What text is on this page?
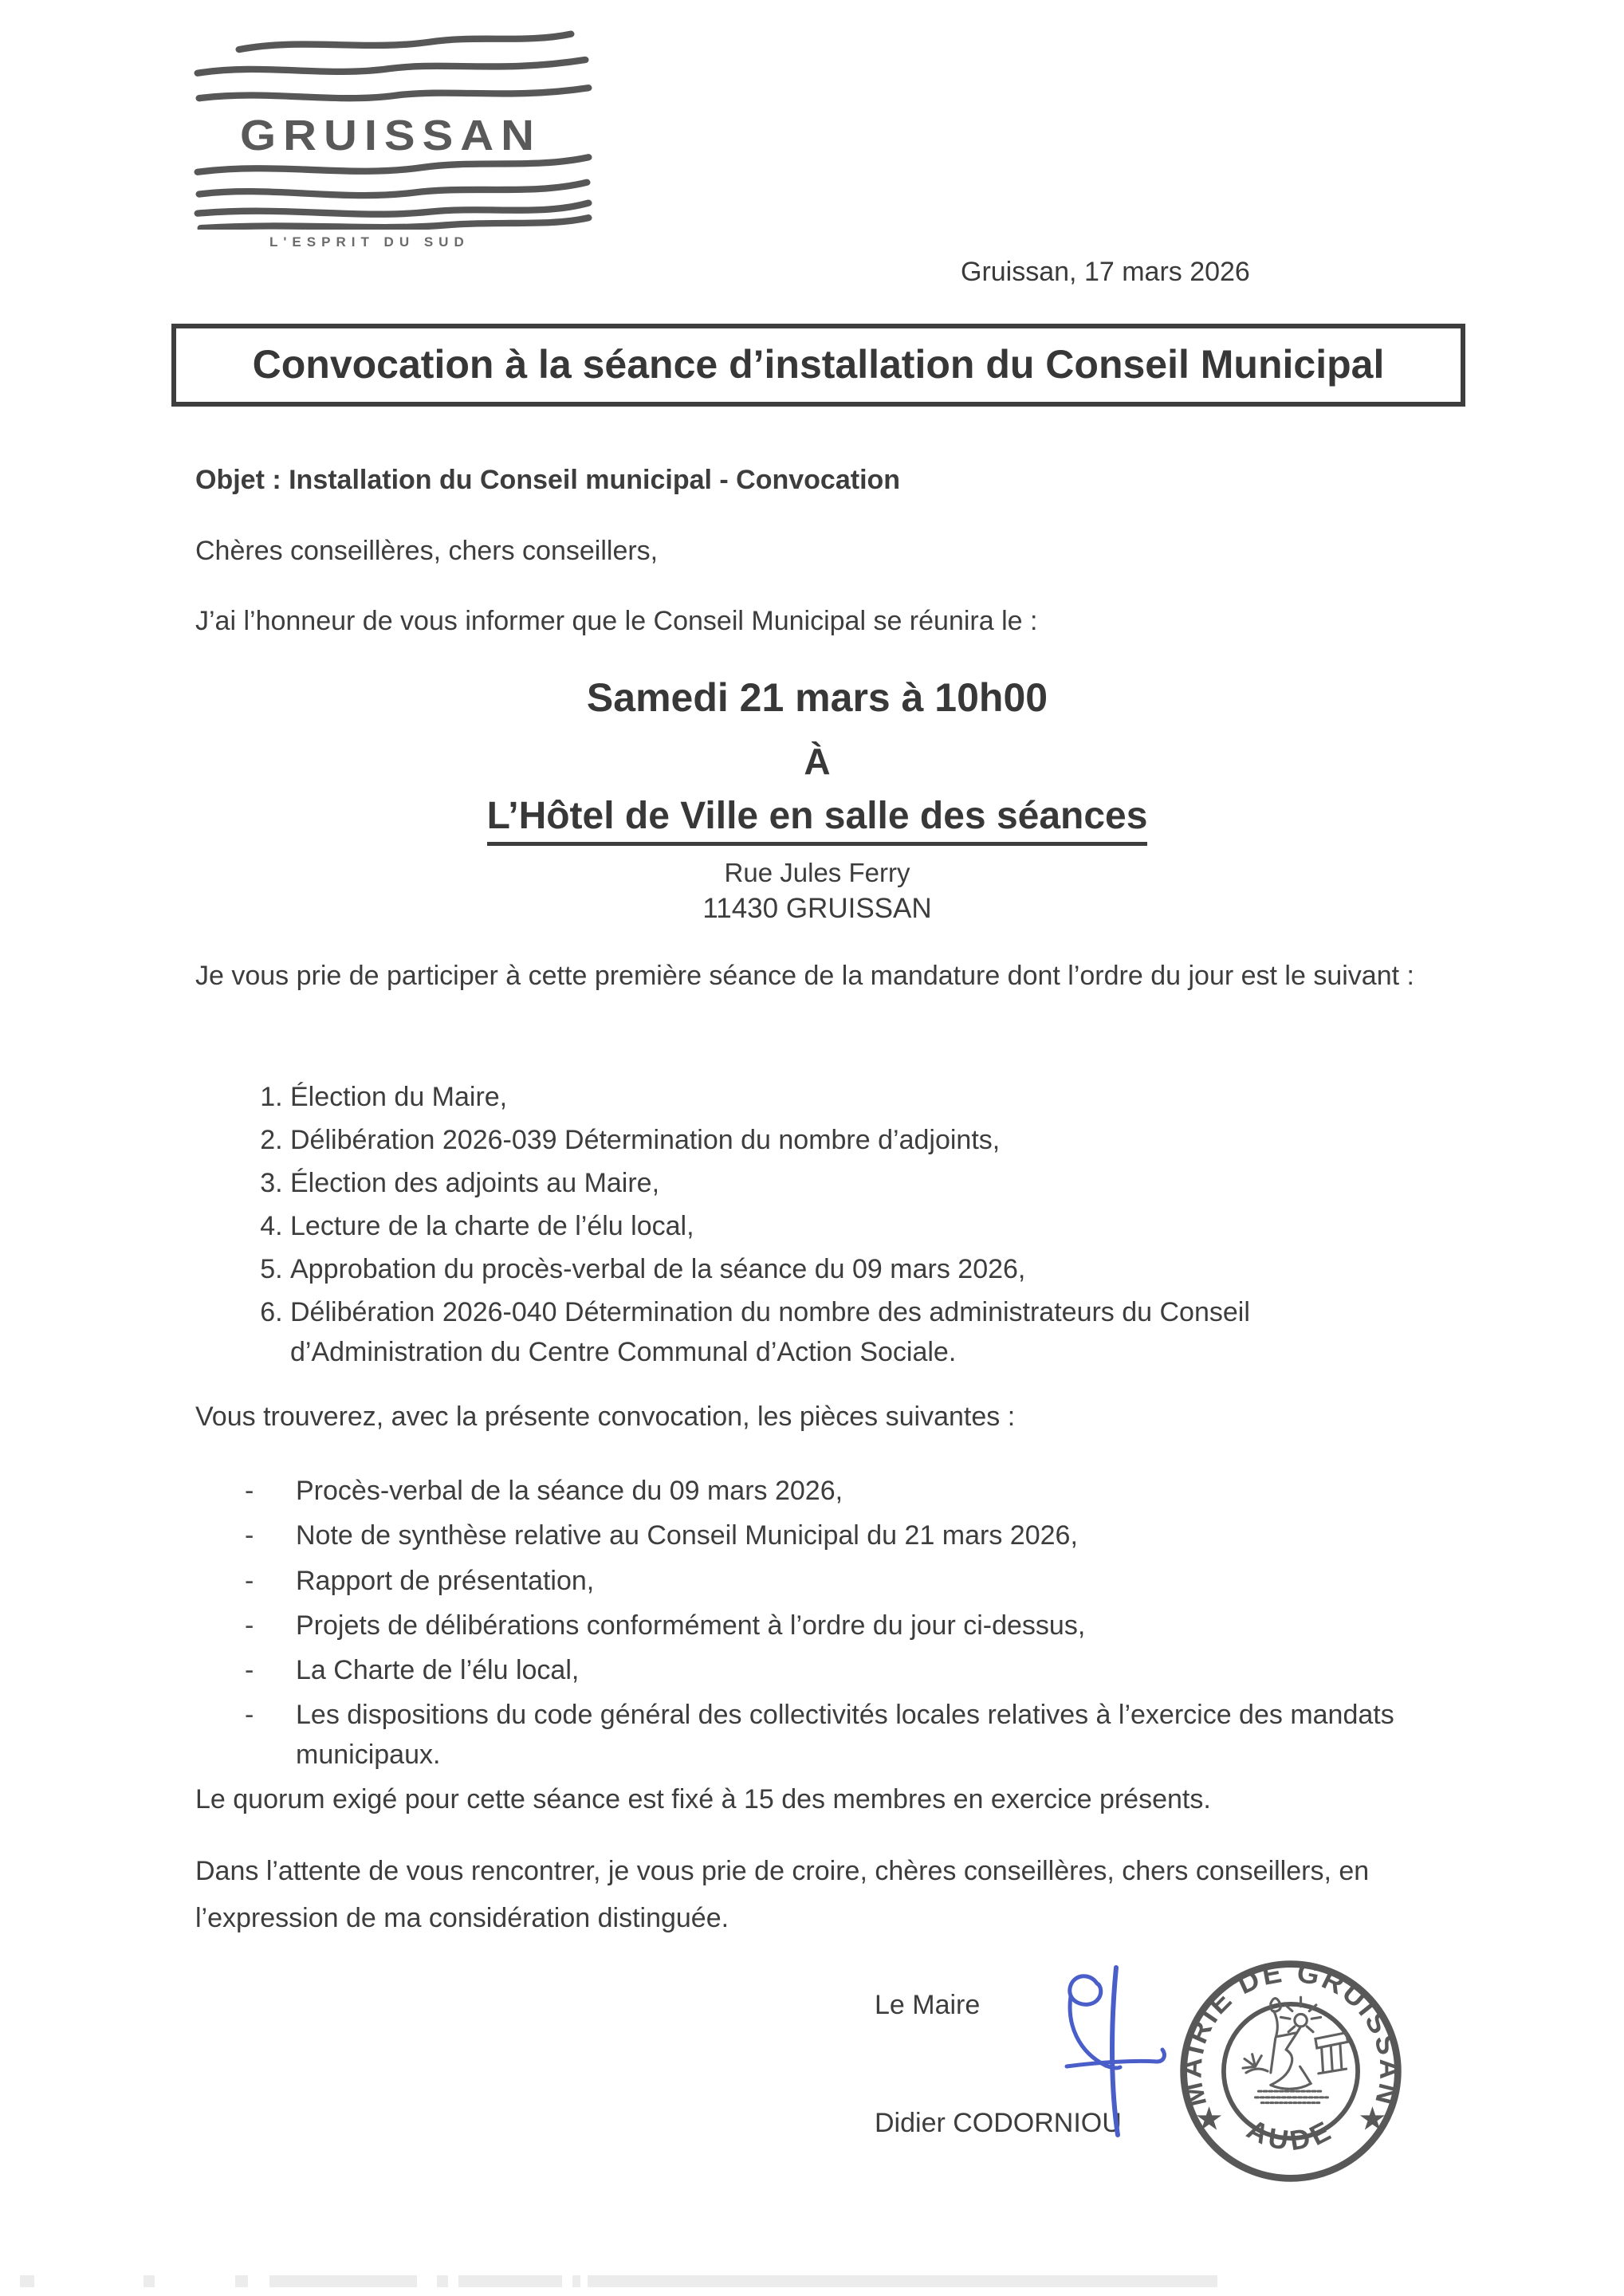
GRUISSAN
L'ESPRIT DU SUD
Gruissan, 17 mars 2026
Convocation à la séance d’installation du Conseil Municipal
Objet : Installation du Conseil municipal - Convocation
Chères conseillères, chers conseillers,
J’ai l’honneur de vous informer que le Conseil Municipal se réunira le :
Samedi 21 mars à 10h00
À
L’Hôtel de Ville en salle des séances
Rue Jules Ferry
11430 GRUISSAN
Je vous prie de participer à cette première séance de la mandature dont l’ordre du jour est le suivant :
1. Élection du Maire,
2. Délibération 2026-039 Détermination du nombre d’adjoints,
3. Élection des adjoints au Maire,
4. Lecture de la charte de l’élu local,
5. Approbation du procès-verbal de la séance du 09 mars 2026,
6. Délibération 2026-040 Détermination du nombre des administrateurs du Conseil d’Administration du Centre Communal d’Action Sociale.
Vous trouverez, avec la présente convocation, les pièces suivantes :
- Procès-verbal de la séance du 09 mars 2026,
- Note de synthèse relative au Conseil Municipal du 21 mars 2026,
- Rapport de présentation,
- Projets de délibérations conformément à l’ordre du jour ci-dessus,
- La Charte de l’élu local,
- Les dispositions du code général des collectivités locales relatives à l’exercice des mandats municipaux.
Le quorum exigé pour cette séance est fixé à 15 des membres en exercice présents.
Dans l’attente de vous rencontrer, je vous prie de croire, chères conseillères, chers conseillers, en l’expression de ma considération distinguée.
Le Maire
Didier CODORNIOU
MAIRIE DE GRUISSAN
AUDE
★	★
